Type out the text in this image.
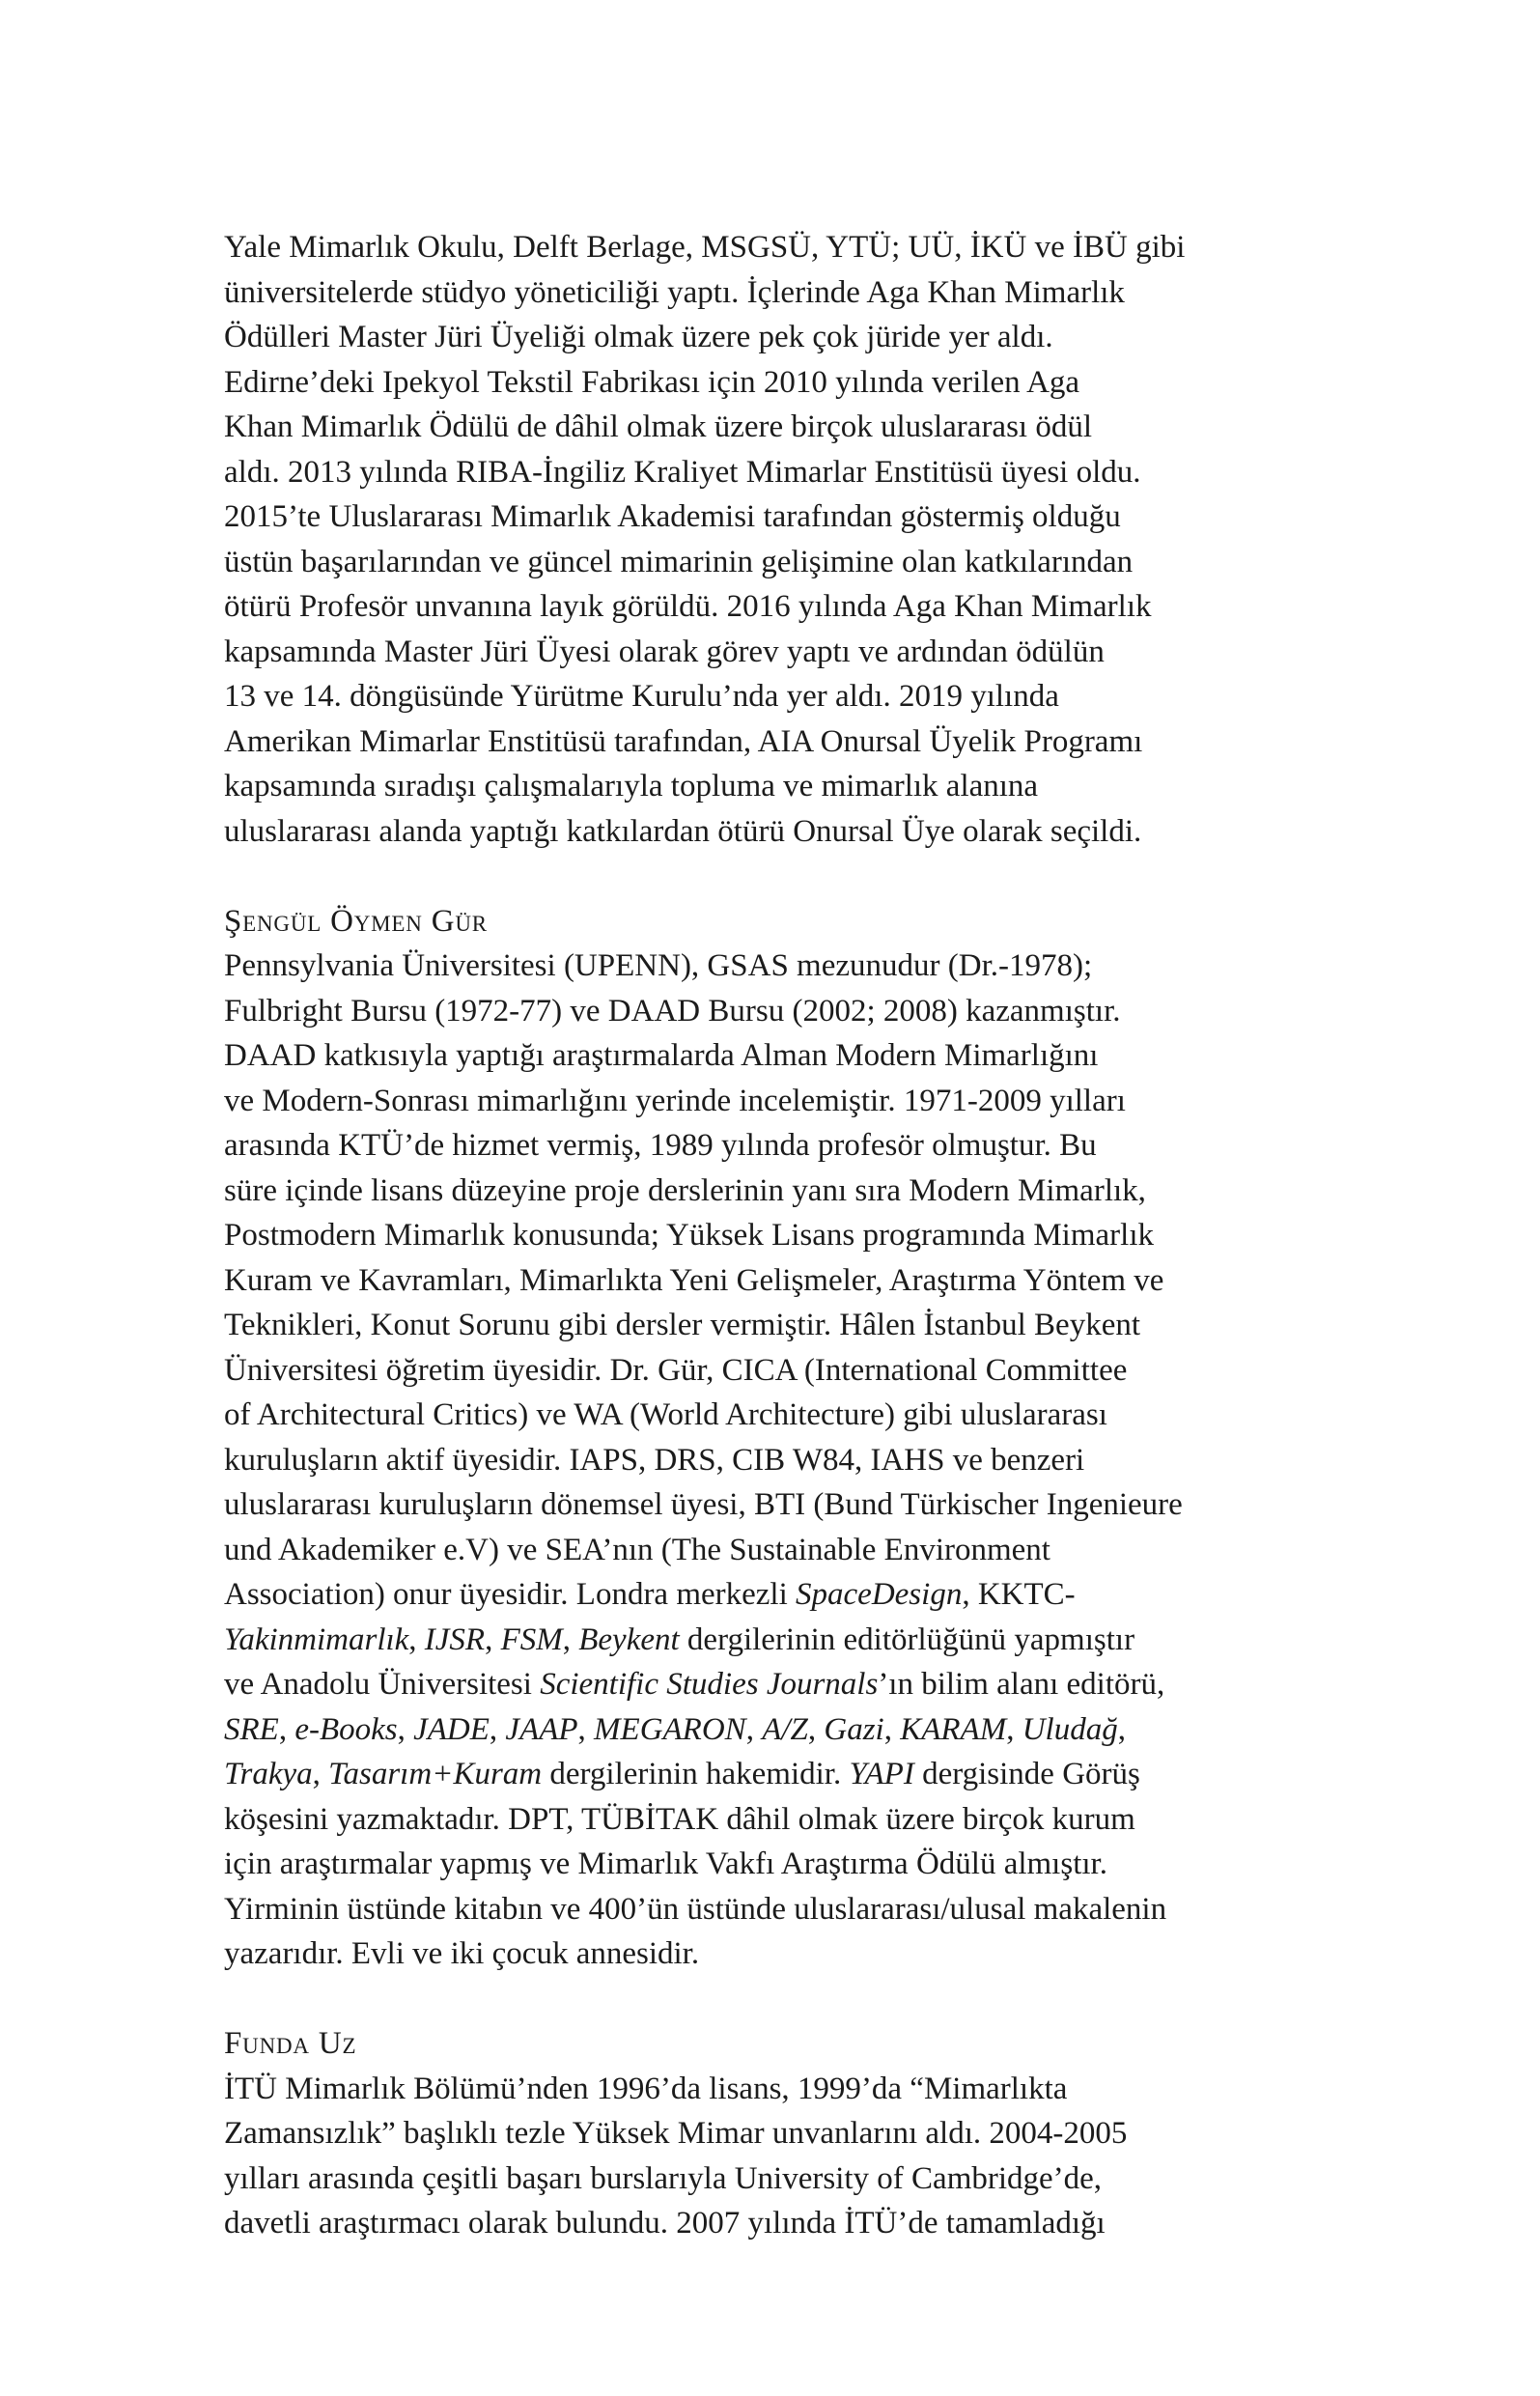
Yale Mimarlık Okulu, Delft Berlage, MSGSÜ, YTÜ; UÜ, İKÜ ve İBÜ gibi
üniversitelerde stüdyo yöneticiliği yaptı. İçlerinde Aga Khan Mimarlık
Ödülleri Master Jüri Üyeliği olmak üzere pek çok jüride yer aldı.
Edirne’deki Ipekyol Tekstil Fabrikası için 2010 yılında verilen Aga
Khan Mimarlık Ödülü de dâhil olmak üzere birçok uluslararası ödül
aldı. 2013 yılında RIBA-İngiliz Kraliyet Mimarlar Enstitüsü üyesi oldu.
2015’te Uluslararası Mimarlık Akademisi tarafından göstermiş olduğu
üstün başarılarından ve güncel mimarinin gelişimine olan katkılarından
ötürü Profesör unvanına layık görüldü. 2016 yılında Aga Khan Mimarlık
kapsamında Master Jüri Üyesi olarak görev yaptı ve ardından ödülün
13 ve 14. döngüsünde Yürütme Kurulu’nda yer aldı. 2019 yılında
Amerikan Mimarlar Enstitüsü tarafından, AIA Onursal Üyelik Programı
kapsamında sıradışı çalışmalarıyla topluma ve mimarlık alanına
uluslararası alanda yaptığı katkılardan ötürü Onursal Üye olarak seçildi.
Şengül Öymen Gür
Pennsylvania Üniversitesi (UPENN), GSAS mezunudur (Dr.-1978);
Fulbright Bursu (1972-77) ve DAAD Bursu (2002; 2008) kazanmıştır.
DAAD katkısıyla yaptığı araştırmalarda Alman Modern Mimarlığını
ve Modern-Sonrası mimarlığını yerinde incelemiştir. 1971-2009 yılları
arasında KTÜ’de hizmet vermiş, 1989 yılında profesör olmuştur. Bu
süre içinde lisans düzeyine proje derslerinin yanı sıra Modern Mimarlık,
Postmodern Mimarlık konusunda; Yüksek Lisans programında Mimarlık
Kuram ve Kavramları, Mimarlıkta Yeni Gelişmeler, Araştırma Yöntem ve
Teknikleri, Konut Sorunu gibi dersler vermiştir. Hâlen İstanbul Beykent
Üniversitesi öğretim üyesidir. Dr. Gür, CICA (International Committee
of Architectural Critics) ve WA (World Architecture) gibi uluslararası
kuruluşların aktif üyesidir. IAPS, DRS, CIB W84, IAHS ve benzeri
uluslararası kuruluşların dönemsel üyesi, BTI (Bund Türkischer Ingenieure
und Akademiker e.V) ve SEA’nın (The Sustainable Environment
Association) onur üyesidir. Londra merkezli SpaceDesign, KKTC-
Yakinmimarlık, IJSR, FSM, Beykent dergilerinin editörlüğünü yapmıştır
ve Anadolu Üniversitesi Scientific Studies Journals’ın bilim alanı editörü,
SRE, e-Books, JADE, JAAP, MEGARON, A/Z, Gazi, KARAM, Uludağ,
Trakya, Tasarım+Kuram dergilerinin hakemidir. YAPI dergisinde Görüş
köşesini yazmaktadır. DPT, TÜBİTAK dâhil olmak üzere birçok kurum
için araştırmalar yapmış ve Mimarlık Vakfı Araştırma Ödülü almıştır.
Yirminin üstünde kitabın ve 400’ün üstünde uluslararası/ulusal makalenin
yazarıdır. Evli ve iki çocuk annesidir.
Funda Uz
İTÜ Mimarlık Bölümü’nden 1996’da lisans, 1999’da “Mimarlıkta
Zamansızlık” başlıklı tezle Yüksek Mimar unvanlarını aldı. 2004-2005
yılları arasında çeşitli başarı burslarıyla University of Cambridge’de,
davetli araştırmacı olarak bulundu. 2007 yılında İTÜ’de tamamladığı
